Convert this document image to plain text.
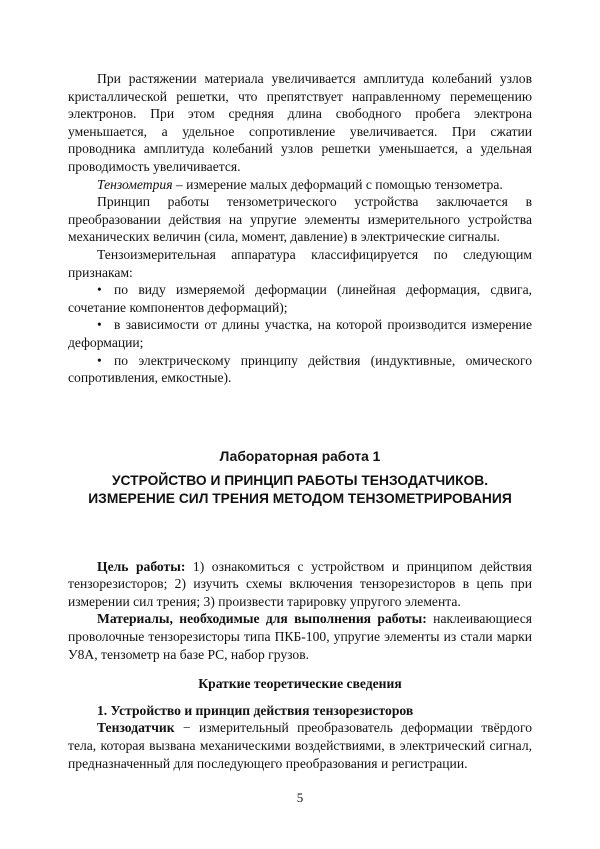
При растяжении материала увеличивается амплитуда колебаний узлов кристаллической решетки, что препятствует направленному перемещению электронов. При этом средняя длина свободного пробега электрона уменьшается, а удельное сопротивление увеличивается. При сжатии проводника амплитуда колебаний узлов решетки уменьшается, а удельная проводимость увеличивается.

Тензометрия – измерение малых деформаций с помощью тензометра.

Принцип работы тензометрического устройства заключается в преобразовании действия на упругие элементы измерительного устройства механических величин (сила, момент, давление) в электрические сигналы.

Тензоизмерительная аппаратура классифицируется по следующим признакам:

• по виду измеряемой деформации (линейная деформация, сдвига, сочетание компонентов деформаций);
• в зависимости от длины участка, на которой производится измерение деформации;
• по электрическому принципу действия (индуктивные, омического сопротивления, емкостные).
Лабораторная работа 1
УСТРОЙСТВО И ПРИНЦИП РАБОТЫ ТЕНЗОДАТЧИКОВ.
ИЗМЕРЕНИЕ СИЛ ТРЕНИЯ МЕТОДОМ ТЕНЗОМЕТРИРОВАНИЯ

Цель работы: 1) ознакомиться с устройством и принципом действия тензорезисторов; 2) изучить схемы включения тензорезисторов в цепь при измерении сил трения; 3) произвести тарировку упругого элемента.

Материалы, необходимые для выполнения работы: наклеивающиеся проволочные тензорезисторы типа ПКБ-100, упругие элементы из стали марки У8А, тензометр на базе PC, набор грузов.

Краткие теоретические сведения
1. Устройство и принцип действия тензорезисторов

Тензодатчик − измерительный преобразователь деформации твёрдого тела, которая вызвана механическими воздействиями, в электрический сигнал, предназначенный для последующего преобразования и регистрации.

5
